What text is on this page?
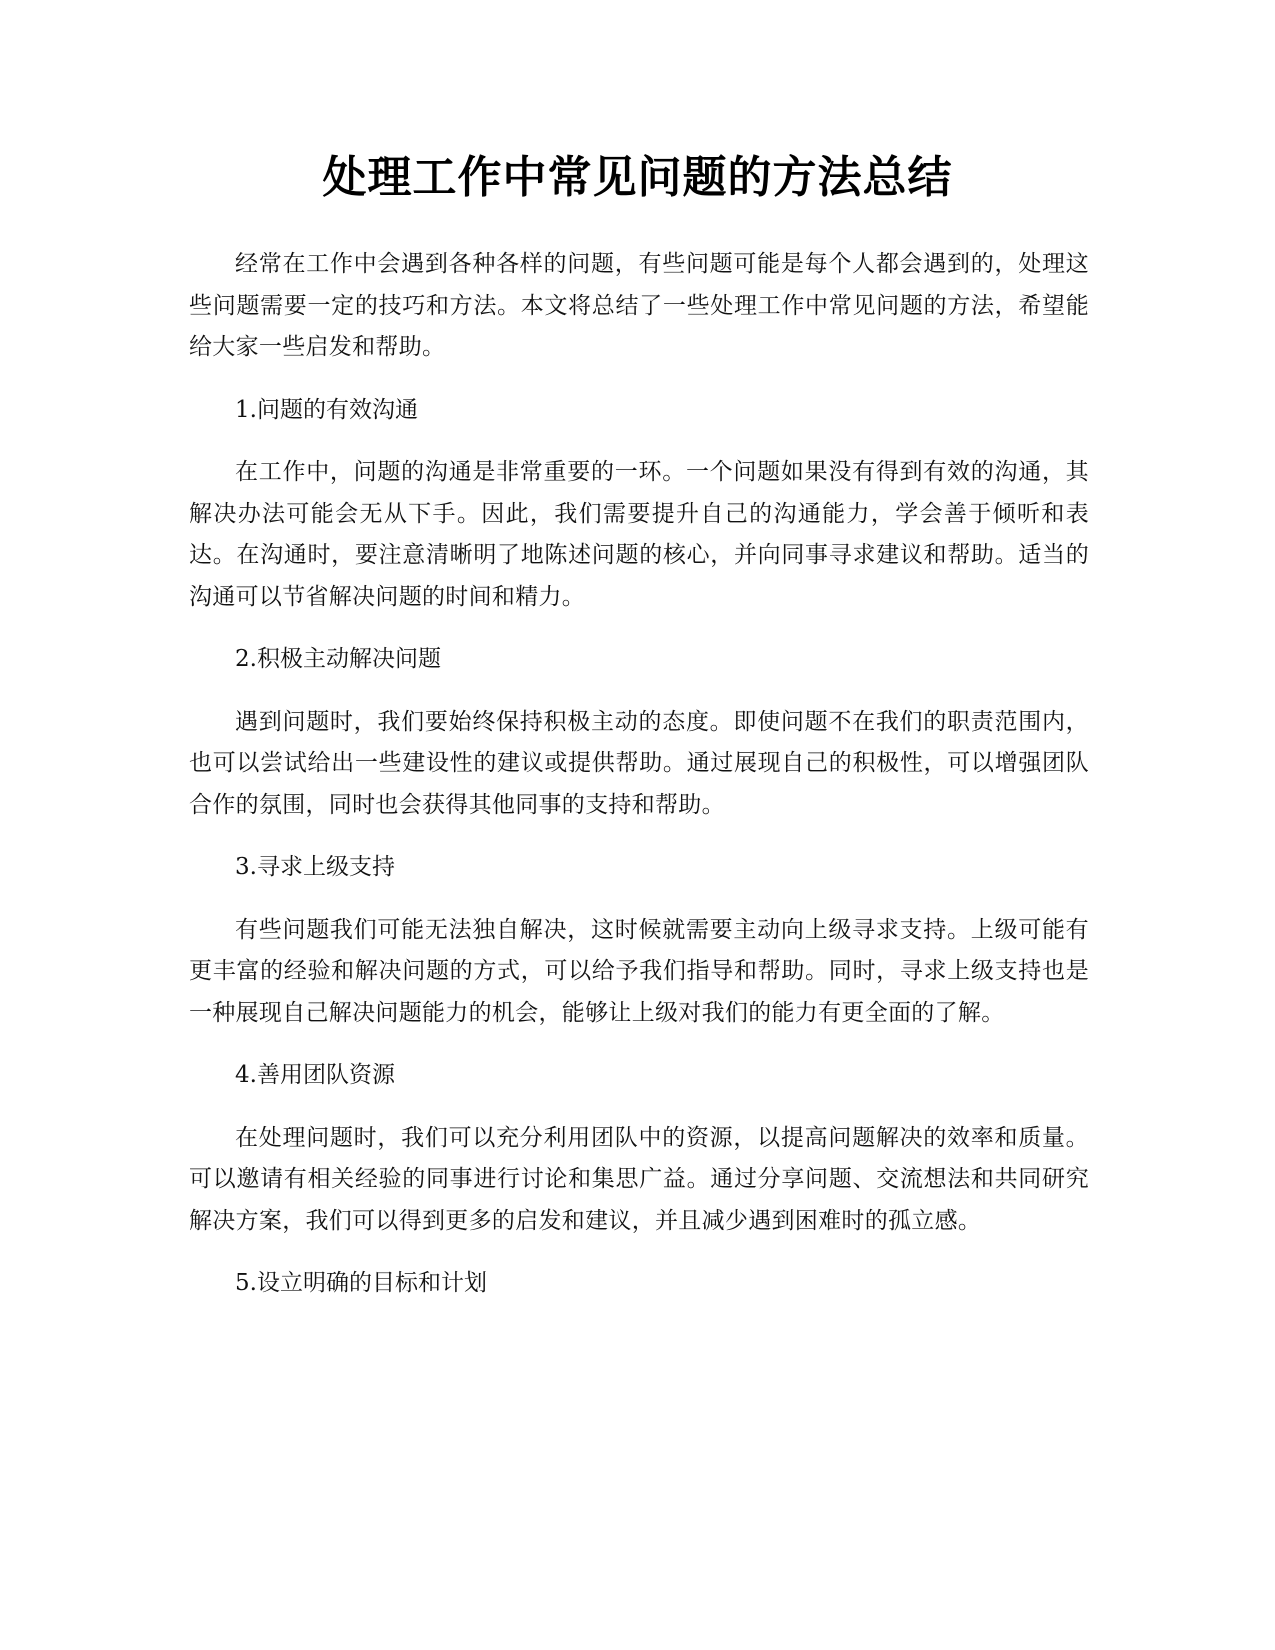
处理工作中常见问题的方法总结

经常在工作中会遇到各种各样的问题，有些问题可能是每个人都会遇到的，处理这些问题需要一定的技巧和方法。本文将总结了一些处理工作中常见问题的方法，希望能给大家一些启发和帮助。

1.问题的有效沟通

在工作中，问题的沟通是非常重要的一环。一个问题如果没有得到有效的沟通，其解决办法可能会无从下手。因此，我们需要提升自己的沟通能力，学会善于倾听和表达。在沟通时，要注意清晰明了地陈述问题的核心，并向同事寻求建议和帮助。适当的沟通可以节省解决问题的时间和精力。

2.积极主动解决问题

遇到问题时，我们要始终保持积极主动的态度。即使问题不在我们的职责范围内，也可以尝试给出一些建设性的建议或提供帮助。通过展现自己的积极性，可以增强团队合作的氛围，同时也会获得其他同事的支持和帮助。

3.寻求上级支持

有些问题我们可能无法独自解决，这时候就需要主动向上级寻求支持。上级可能有更丰富的经验和解决问题的方式，可以给予我们指导和帮助。同时，寻求上级支持也是一种展现自己解决问题能力的机会，能够让上级对我们的能力有更全面的了解。

4.善用团队资源

在处理问题时，我们可以充分利用团队中的资源，以提高问题解决的效率和质量。可以邀请有相关经验的同事进行讨论和集思广益。通过分享问题、交流想法和共同研究解决方案，我们可以得到更多的启发和建议，并且减少遇到困难时的孤立感。

5.设立明确的目标和计划
